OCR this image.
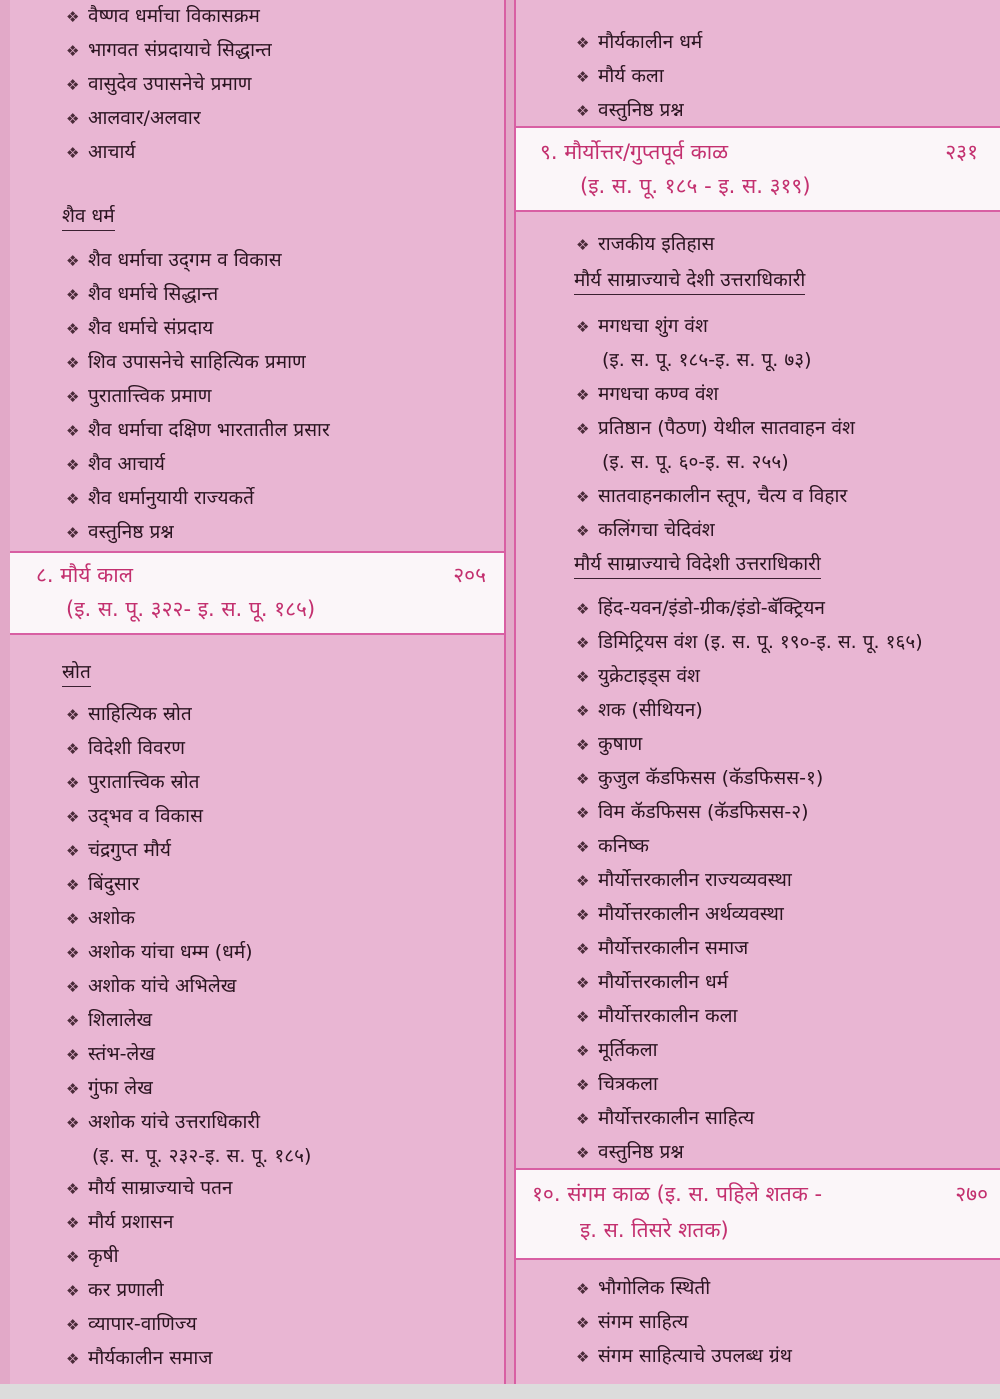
❖ वैष्णव धर्माचा विकासक्रम
❖ भागवत संप्रदायाचे सिद्धान्त
❖ वासुदेव उपासनेचे प्रमाण
❖ आलवार/अलवार
❖ आचार्य
शैव धर्म
❖ शैव धर्माचा उद्‌गम व विकास
❖ शैव धर्माचे सिद्धान्त
❖ शैव धर्माचे संप्रदाय
❖ शिव उपासनेचे साहित्यिक प्रमाण
❖ पुरातात्त्विक प्रमाण
❖ शैव धर्माचा दक्षिण भारतातील प्रसार
❖ शैव आचार्य
❖ शैव धर्मानुयायी राज्यकर्ते
❖ वस्तुनिष्ठ प्रश्न
८. मौर्य काल	२०५
(इ. स. पू. ३२२- इ. स. पू. १८५)
स्रोत
❖ साहित्यिक स्रोत
❖ विदेशी विवरण
❖ पुरातात्त्विक स्रोत
❖ उद्‌भव व विकास
❖ चंद्रगुप्त मौर्य
❖ बिंदुसार
❖ अशोक
❖ अशोक यांचा धम्म (धर्म)
❖ अशोक यांचे अभिलेख
❖ शिलालेख
❖ स्तंभ-लेख
❖ गुंफा लेख
❖ अशोक यांचे उत्तराधिकारी
(इ. स. पू. २३२-इ. स. पू. १८५)
❖ मौर्य साम्राज्याचे पतन
❖ मौर्य प्रशासन
❖ कृषी
❖ कर प्रणाली
❖ व्यापार-वाणिज्य
❖ मौर्यकालीन समाज
❖ मौर्यकालीन धर्म
❖ मौर्य कला
❖ वस्तुनिष्ठ प्रश्न
९. मौर्योत्तर/गुप्तपूर्व काळ	२३१
(इ. स. पू. १८५ - इ. स. ३१९)
❖ राजकीय इतिहास
मौर्य साम्राज्याचे देशी उत्तराधिकारी
❖ मगधचा शुंग वंश
(इ. स. पू. १८५-इ. स. पू. ७३)
❖ मगधचा कण्व वंश
❖ प्रतिष्ठान (पैठण) येथील सातवाहन वंश
(इ. स. पू. ६०-इ. स. २५५)
❖ सातवाहनकालीन स्तूप, चैत्य व विहार
❖ कलिंगचा चेदिवंश
मौर्य साम्राज्याचे विदेशी उत्तराधिकारी
❖ हिंद-यवन/इंडो-ग्रीक/इंडो-बॅक्ट्रियन
❖ डिमिट्रियस वंश (इ. स. पू. १९०-इ. स. पू. १६५)
❖ युक्रेटाइड्स वंश
❖ शक (सीथियन)
❖ कुषाण
❖ कुजुल कॅडफिसस (कॅडफिसस-१)
❖ विम कॅडफिसस (कॅडफिसस-२)
❖ कनिष्क
❖ मौर्योत्तरकालीन राज्यव्यवस्था
❖ मौर्योत्तरकालीन अर्थव्यवस्था
❖ मौर्योत्तरकालीन समाज
❖ मौर्योत्तरकालीन धर्म
❖ मौर्योत्तरकालीन कला
❖ मूर्तिकला
❖ चित्रकला
❖ मौर्योत्तरकालीन साहित्य
❖ वस्तुनिष्ठ प्रश्न
१०. संगम काळ (इ. स. पहिले शतक -	२७०
इ. स. तिसरे शतक)
❖ भौगोलिक स्थिती
❖ संगम साहित्य
❖ संगम साहित्याचे उपलब्ध ग्रंथ
